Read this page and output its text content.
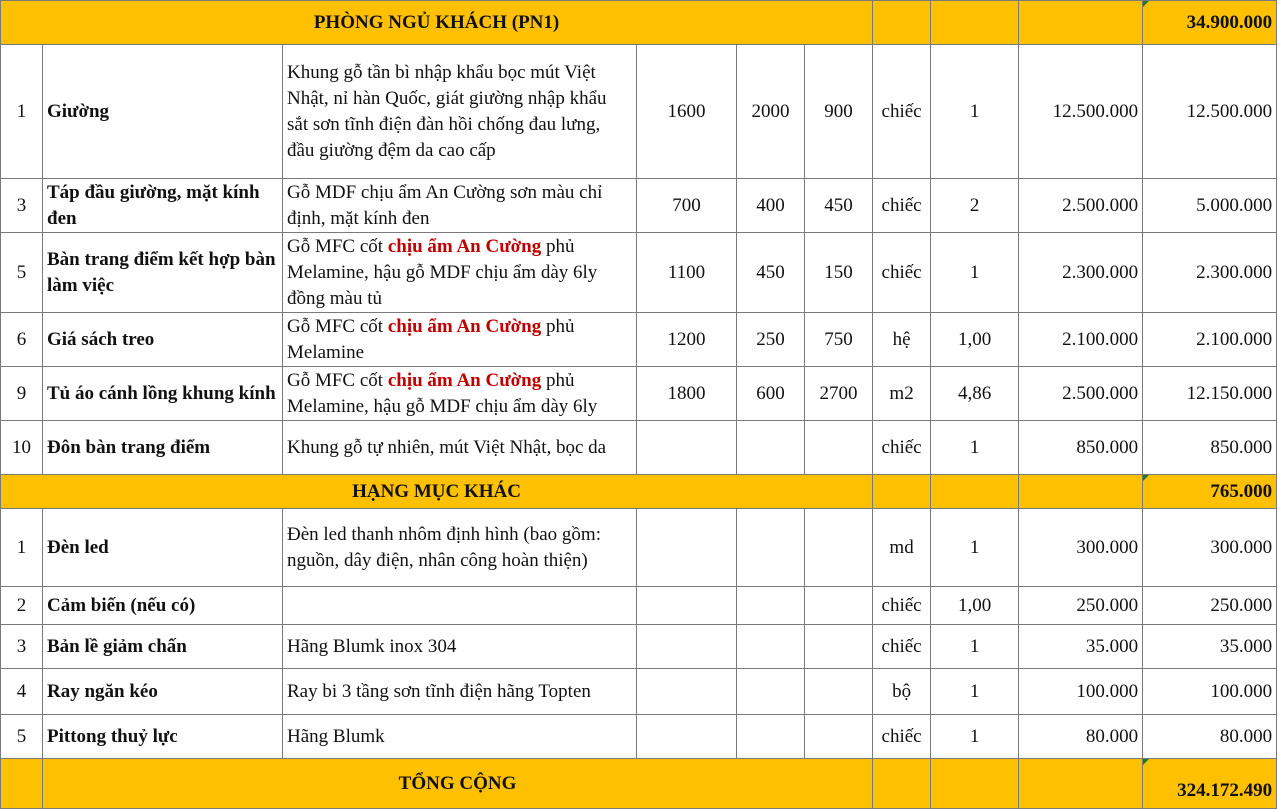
PHÒNG NGỦ KHÁCH (PN1)									34.900.000
1	Giường	Khung gỗ tần bì nhập khẩu bọc mút Việt Nhật, nỉ hàn Quốc, giát giường nhập khẩu sắt sơn tĩnh điện đàn hồi chống đau lưng, đầu giường đệm da cao cấp	1600	2000	900	chiếc	1	12.500.000	12.500.000
3	Táp đầu giường, mặt kính đen	Gỗ MDF chịu ẩm An Cường sơn màu chỉ định, mặt kính đen	700	400	450	chiếc	2	2.500.000	5.000.000
5	Bàn trang điểm kết hợp bàn làm việc	Gỗ MFC cốt chịu ẩm An Cường phủ Melamine, hậu gỗ MDF chịu ẩm dày 6ly đồng màu tủ	1100	450	150	chiếc	1	2.300.000	2.300.000
6	Giá sách treo	Gỗ MFC cốt chịu ẩm An Cường phủ Melamine	1200	250	750	hệ	1,00	2.100.000	2.100.000
9	Tủ áo cánh lồng khung kính	Gỗ MFC cốt chịu ẩm An Cường phủ Melamine, hậu gỗ MDF chịu ẩm dày 6ly	1800	600	2700	m2	4,86	2.500.000	12.150.000
10	Đôn bàn trang điểm	Khung gỗ tự nhiên, mút Việt Nhật, bọc da				chiếc	1	850.000	850.000
HẠNG MỤC KHÁC									765.000
1	Đèn led	Đèn led thanh nhôm định hình (bao gồm: nguồn, dây điện, nhân công hoàn thiện)				md	1	300.000	300.000
2	Cảm biến (nếu có)					chiếc	1,00	250.000	250.000
3	Bản lề giảm chấn	Hãng Blumk inox 304				chiếc	1	35.000	35.000
4	Ray ngăn kéo	Ray bi 3 tầng sơn tĩnh điện hãng Topten				bộ	1	100.000	100.000
5	Pittong thuỷ lực	Hãng Blumk				chiếc	1	80.000	80.000
	TỔNG CỘNG								324.172.490
